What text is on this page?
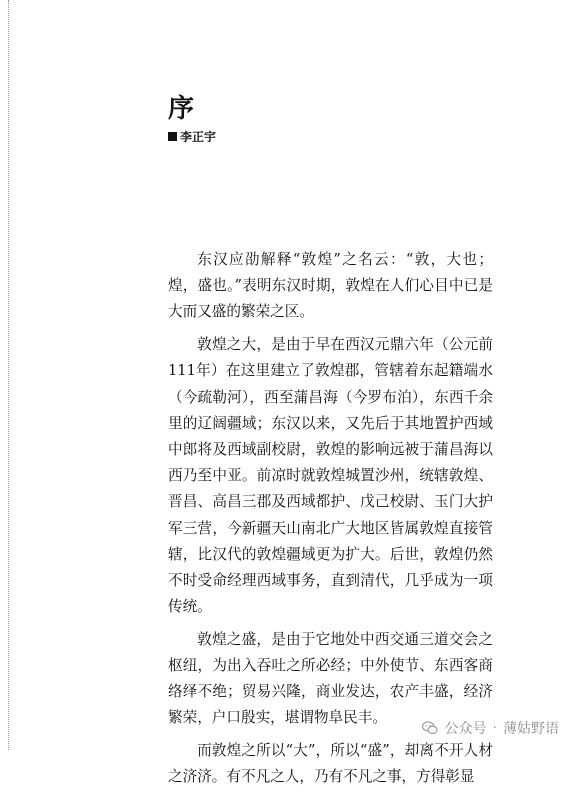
序
李正宇

东汉应劭解释“敦煌”之名云：“敦，大也；煌，盛也。”表明东汉时期，敦煌在人们心目中已是大而又盛的繁荣之区。

敦煌之大，是由于早在西汉元鼎六年（公元前111年）在这里建立了敦煌郡，管辖着东起籍端水（今疏勒河），西至蒲昌海（今罗布泊），东西千余里的辽阔疆域；东汉以来，又先后于其地置护西域中郎将及西域副校尉，敦煌的影响远被于蒲昌海以西乃至中亚。前凉时就敦煌城置沙州，统辖敦煌、晋昌、高昌三郡及西域都护、戊己校尉、玉门大护军三营，今新疆天山南北广大地区皆属敦煌直接管辖，比汉代的敦煌疆域更为扩大。后世，敦煌仍然不时受命经理西域事务，直到清代，几乎成为一项传统。

敦煌之盛，是由于它地处中西交通三道交会之枢纽，为出入吞吐之所必经；中外使节、东西客商络绎不绝；贸易兴隆，商业发达，农产丰盛，经济繁荣，户口殷实，堪谓物阜民丰。

而敦煌之所以“大”，所以“盛”，却离不开人材之济济。有不凡之人，乃有不凡之事，方得彰显

公众号 · 薄姑野语
